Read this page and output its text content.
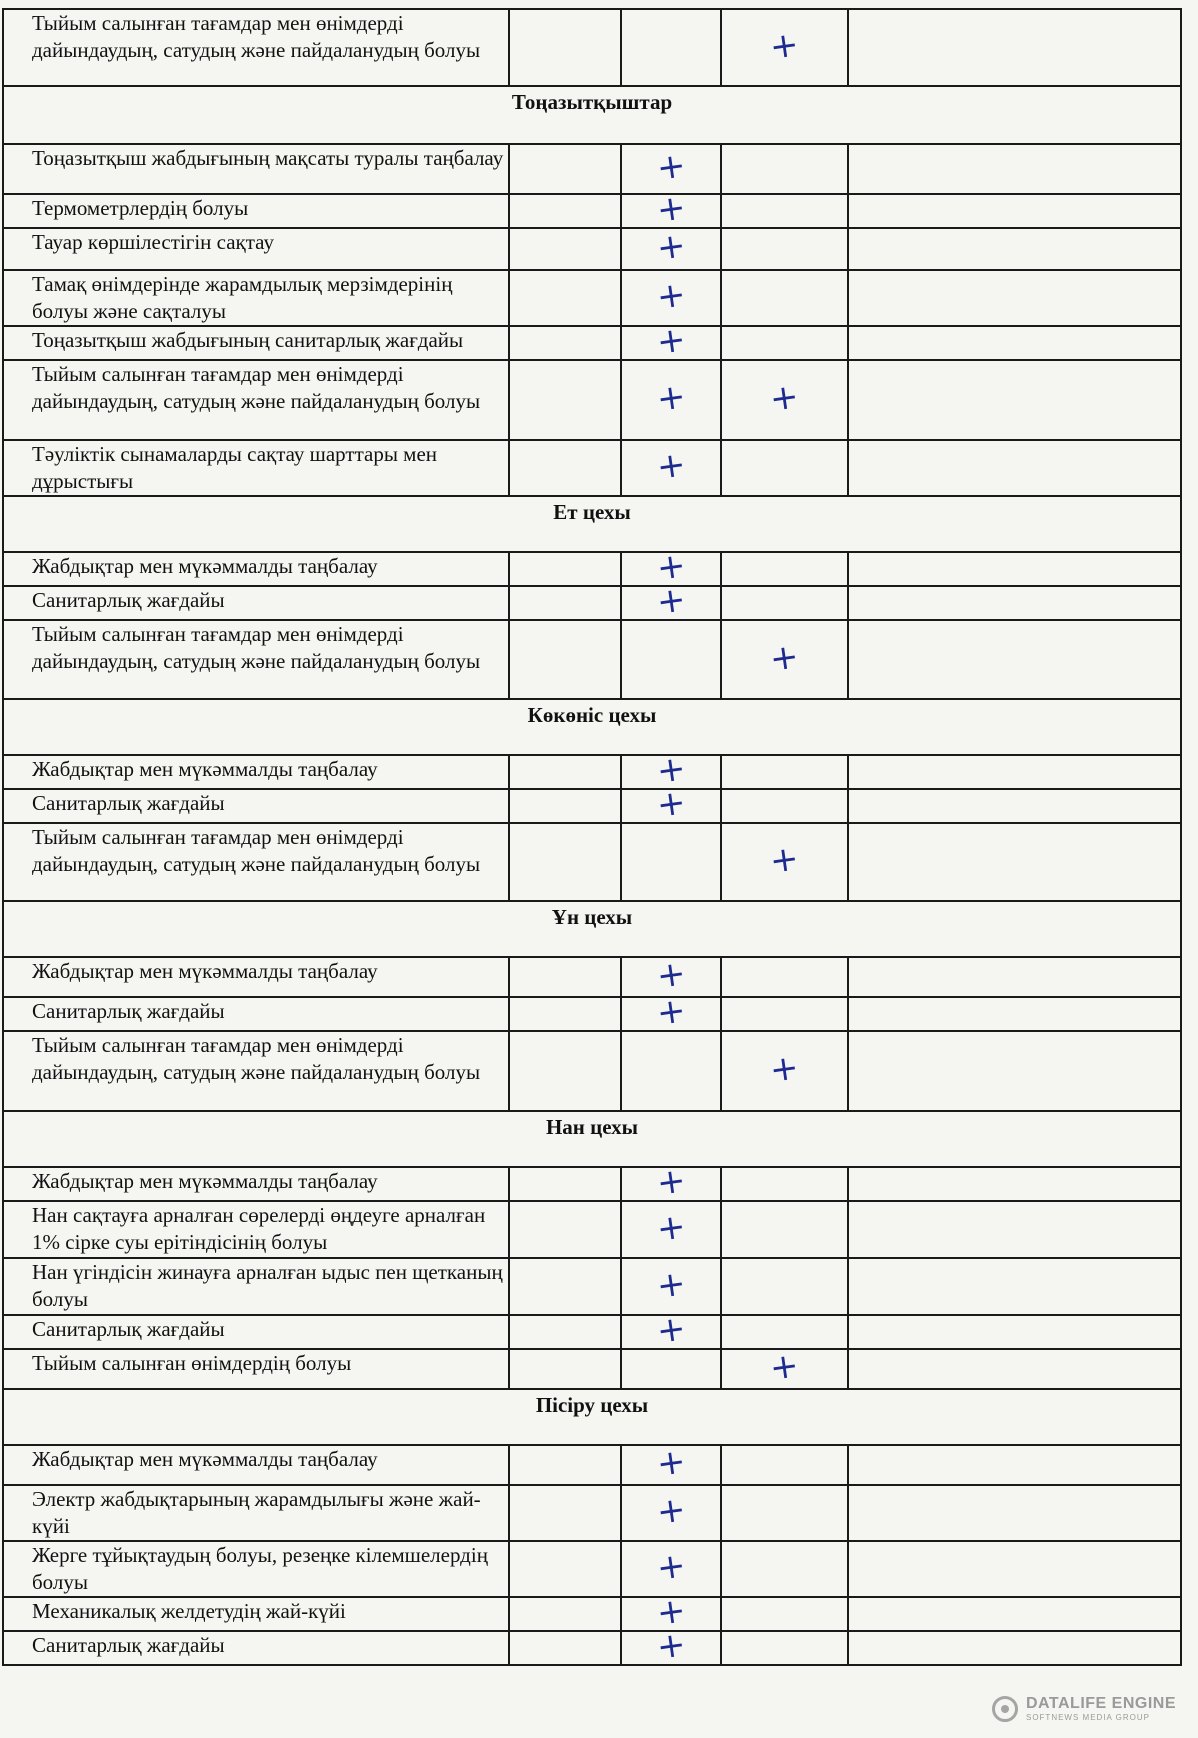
Тыйым салынған тағамдар мен өнімдерді дайындаудың, сатудың және пайдаланудың болуы			+	
Тоңазытқыштар				
Тоңазытқыш жабдығының мақсаты туралы таңбалау		+		
Термометрлердің болуы		+		
Тауар көршілестігін сақтау		+		
Тамақ өнімдерінде жарамдылық мерзімдерінің болуы және сақталуы		+		
Тоңазытқыш жабдығының санитарлық жағдайы		+		
Тыйым салынған тағамдар мен өнімдерді дайындаудың, сатудың және пайдаланудың болуы		+	+	
Тәуліктік сынамаларды сақтау шарттары мен дұрыстығы		+		
Ет цехы				
Жабдықтар мен мүкәммалды таңбалау		+		
Санитарлық жағдайы		+		
Тыйым салынған тағамдар мен өнімдерді дайындаудың, сатудың және пайдаланудың болуы			+	
Көкөніс цехы				
Жабдықтар мен мүкәммалды таңбалау		+		
Санитарлық жағдайы		+		
Тыйым салынған тағамдар мен өнімдерді дайындаудың, сатудың және пайдаланудың болуы			+	
Ұн цехы				
Жабдықтар мен мүкәммалды таңбалау		+		
Санитарлық жағдайы		+		
Тыйым салынған тағамдар мен өнімдерді дайындаудың, сатудың және пайдаланудың болуы			+	
Нан цехы				
Жабдықтар мен мүкәммалды таңбалау		+		
Нан сақтауға арналған сөрелерді өңдеуге арналған 1% сірке суы ерітіндісінің болуы		+		
Нан үгіндісін жинауға арналған ыдыс пен щетканың болуы		+		
Санитарлық жағдайы		+		
Тыйым салынған өнімдердің болуы			+	
Пісіру цехы				
Жабдықтар мен мүкәммалды таңбалау		+		
Электр жабдықтарының жарамдылығы және жай-күйі		+		
Жерге тұйықтаудың болуы, резеңке кілемшелердің болуы		+		
Механикалық желдетудің жай-күйі		+		
Санитарлық жағдайы		+		
DATALIFE ENGINE
SOFTNEWS MEDIA GROUP
